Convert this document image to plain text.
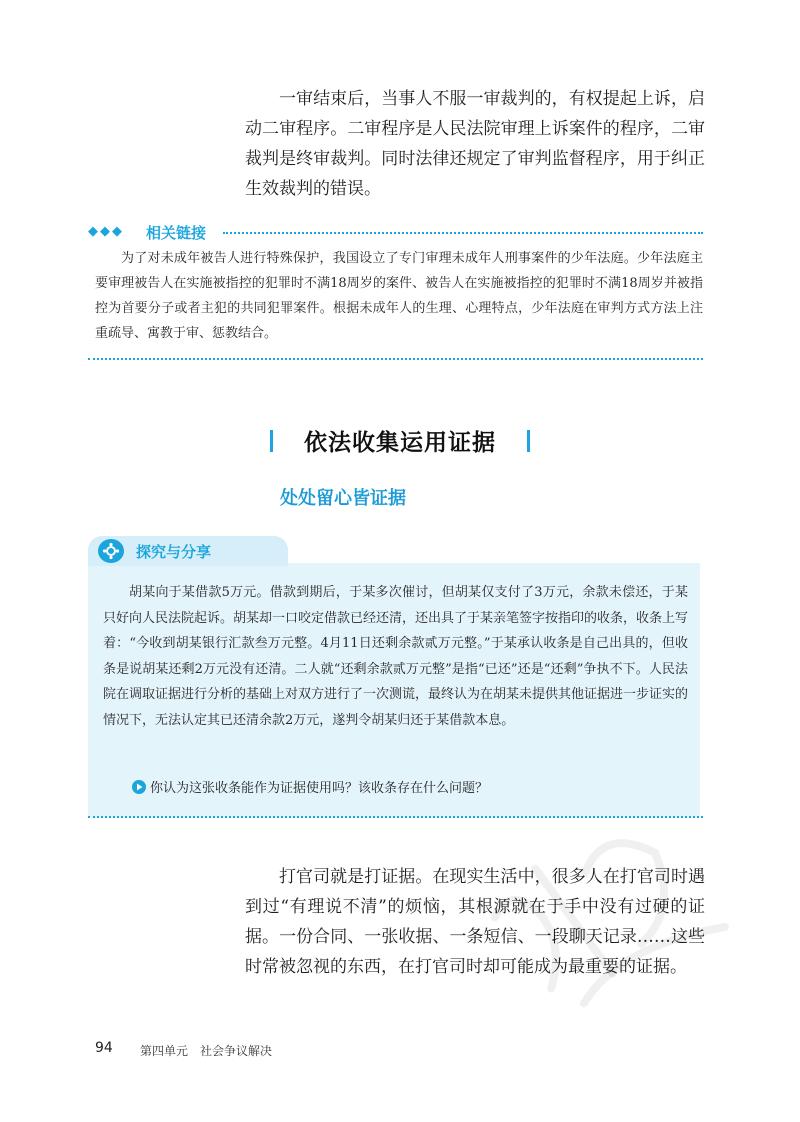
一审结束后，当事人不服一审裁判的，有权提起上诉，启动二审程序。二审程序是人民法院审理上诉案件的程序，二审裁判是终审裁判。同时法律还规定了审判监督程序，用于纠正生效裁判的错误。
◆◆◆ 相关链接
为了对未成年被告人进行特殊保护，我国设立了专门审理未成年人刑事案件的少年法庭。少年法庭主要审理被告人在实施被指控的犯罪时不满18周岁的案件、被告人在实施被指控的犯罪时不满18周岁并被指控为首要分子或者主犯的共同犯罪案件。根据未成年人的生理、心理特点，少年法庭在审判方式方法上注重疏导、寓教于审、惩教结合。
依法收集运用证据
处处留心皆证据
探究与分享
胡某向于某借款5万元。借款到期后，于某多次催讨，但胡某仅支付了3万元，余款未偿还，于某只好向人民法院起诉。胡某却一口咬定借款已经还清，还出具了于某亲笔签字按指印的收条，收条上写着：“今收到胡某银行汇款叁万元整。4月11日还剩余款贰万元整。”于某承认收条是自己出具的，但收条是说胡某还剩2万元没有还清。二人就“还剩余款贰万元整”是指“已还”还是“还剩”争执不下。人民法院在调取证据进行分析的基础上对双方进行了一次测谎，最终认为在胡某未提供其他证据进一步证实的情况下，无法认定其已还清余款2万元，遂判令胡某归还于某借款本息。
你认为这张收条能作为证据使用吗？该收条存在什么问题？
打官司就是打证据。在现实生活中，很多人在打官司时遇到过“有理说不清”的烦恼，其根源就在于手中没有过硬的证据。一份合同、一张收据、一条短信、一段聊天记录……这些时常被忽视的东西，在打官司时却可能成为最重要的证据。
94 第四单元　社会争议解决
